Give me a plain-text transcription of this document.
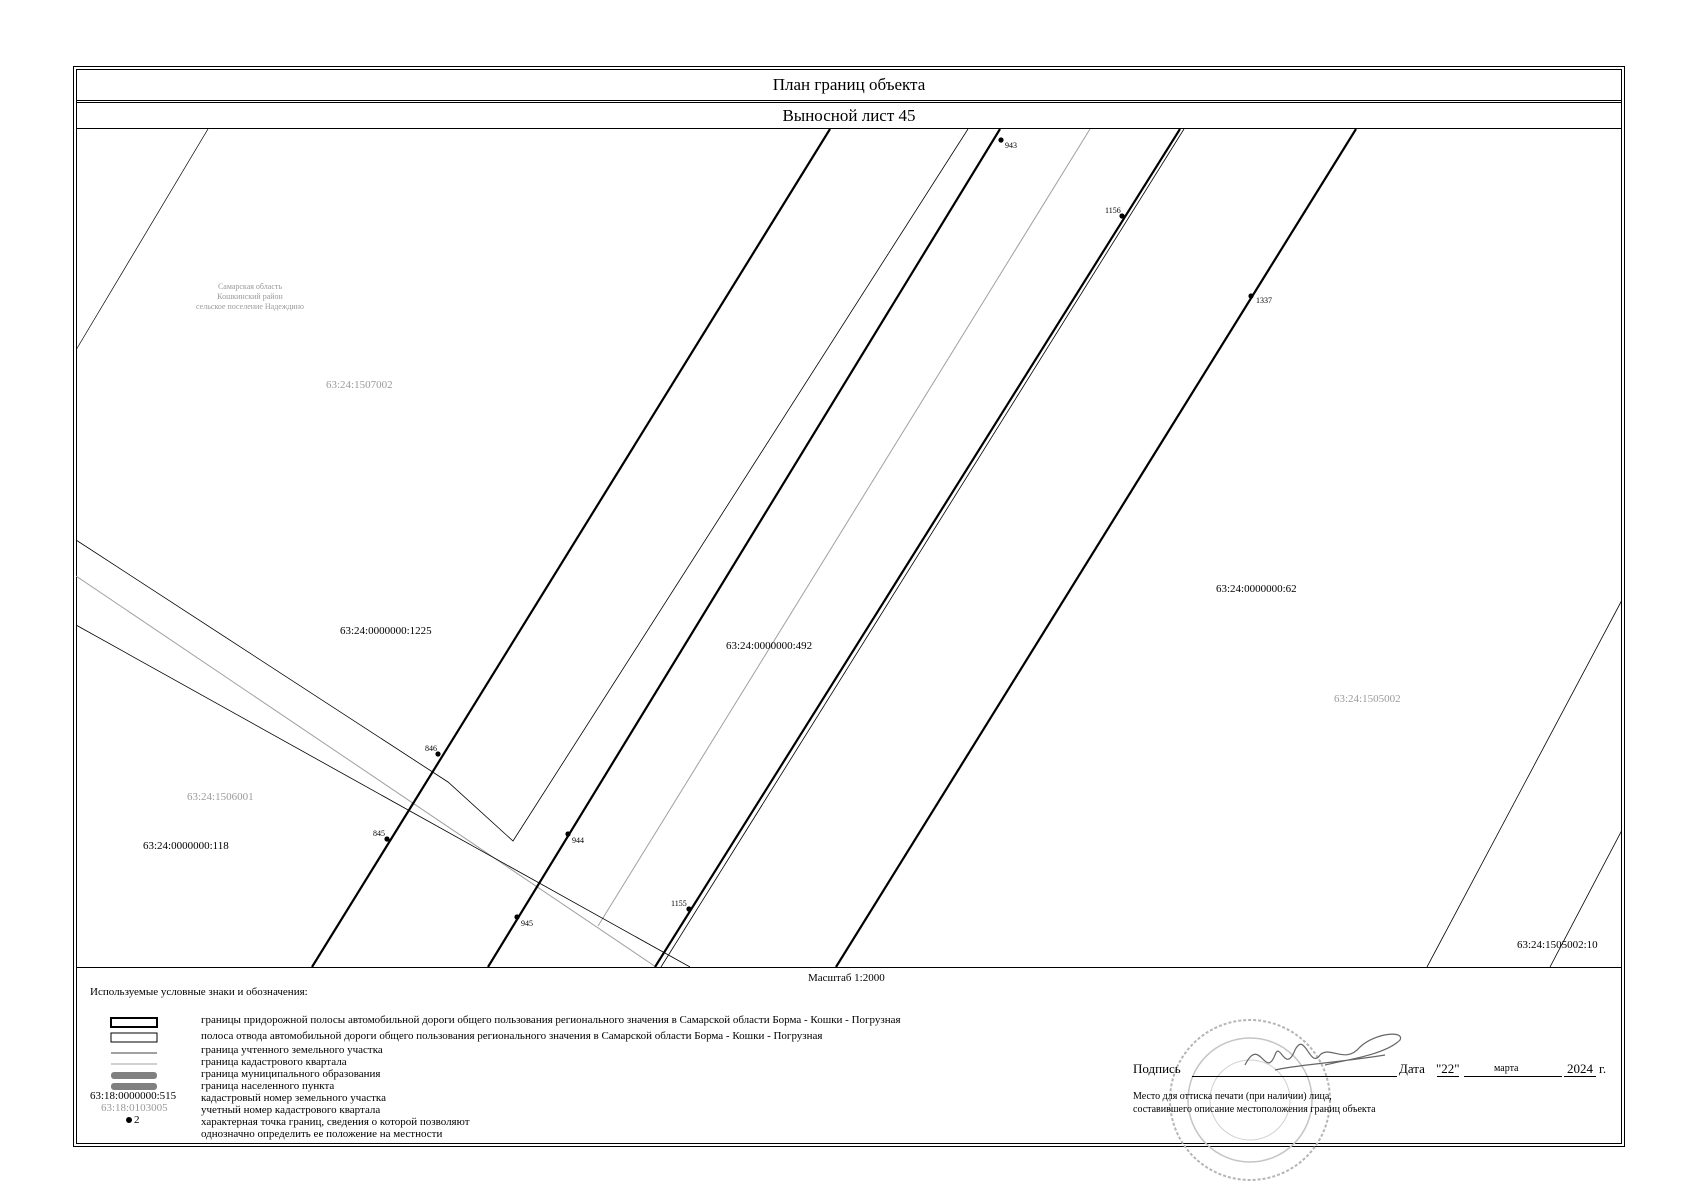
План границ объекта
Выносной лист 45
Самарская область
Кошкинский район
сельское поселение Надеждино
63:24:1507002
63:24:1505002
63:24:1506001
63:24:0000000:1225
63:24:0000000:492
63:24:0000000:62
63:24:0000000:118
63:24:1505002:10
943
1156
1337
846
845
944
945
1155
Масштаб 1:2000
Используемые условные знаки и обозначения:
63:18:0000000:515
63:18:0103005
2
границы придорожной полосы автомобильной дороги общего пользования регионального значения в Самарской области Борма - Кошки - Погрузная
полоса отвода автомобильной дороги общего пользования регионального значения в Самарской области Борма - Кошки - Погрузная
граница учтенного земельного участка
граница кадастрового квартала
граница муниципального образования
граница населенного пункта
кадастровый номер земельного участка
учетный номер кадастрового квартала
характерная точка границ, сведения о которой позволяют
однозначно определить ее положение на местности
Подпись	Дата "22"	марта	2024 г.
Место для оттиска печати (при наличии) лица,
составившего описание местоположения границ объекта
